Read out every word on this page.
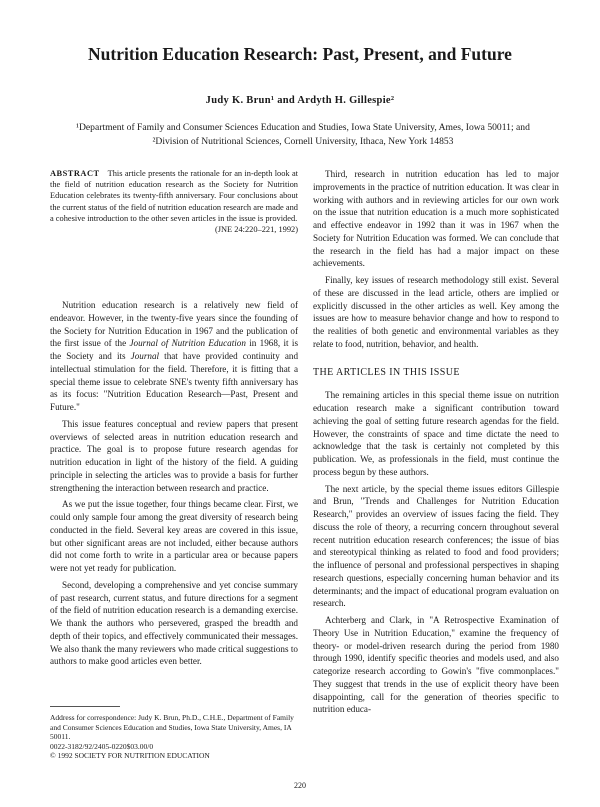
Nutrition Education Research: Past, Present, and Future
Judy K. Brun¹ and Ardyth H. Gillespie²
¹Department of Family and Consumer Sciences Education and Studies, Iowa State University, Ames, Iowa 50011; and
²Division of Nutritional Sciences, Cornell University, Ithaca, New York 14853

ABSTRACT This article presents the rationale for an in-depth look at the field of nutrition education research as the Society for Nutrition Education celebrates its twenty-fifth anniversary. Four conclusions about the current status of the field of nutrition education research are made and a cohesive introduction to the other seven articles in the issue is provided.
(JNE 24:220–221, 1992)

Nutrition education research is a relatively new field of endeavor. However, in the twenty-five years since the founding of the Society for Nutrition Education in 1967 and the publication of the first issue of the Journal of Nutrition Education in 1968, it is the Society and its Journal that have provided continuity and intellectual stimulation for the field. Therefore, it is fitting that a special theme issue to celebrate SNE's twenty fifth anniversary has as its focus: "Nutrition Education Research—Past, Present and Future."

This issue features conceptual and review papers that present overviews of selected areas in nutrition education research and practice. The goal is to propose future research agendas for nutrition education in light of the history of the field. A guiding principle in selecting the articles was to provide a basis for further strengthening the interaction between research and practice.

As we put the issue together, four things became clear. First, we could only sample four among the great diversity of research being conducted in the field. Several key areas are covered in this issue, but other significant areas are not included, either because authors did not come forth to write in a particular area or because papers were not yet ready for publication.

Second, developing a comprehensive and yet concise summary of past research, current status, and future directions for a segment of the field of nutrition education research is a demanding exercise. We thank the authors who persevered, grasped the breadth and depth of their topics, and effectively communicated their messages. We also thank the many reviewers who made critical suggestions to authors to make good articles even better.

Third, research in nutrition education has led to major improvements in the practice of nutrition education. It was clear in working with authors and in reviewing articles for our own work on the issue that nutrition education is a much more sophisticated and effective endeavor in 1992 than it was in 1967 when the Society for Nutrition Education was formed. We can conclude that the research in the field has had a major impact on these achievements.

Finally, key issues of research methodology still exist. Several of these are discussed in the lead article, others are implied or explicitly discussed in the other articles as well. Key among the issues are how to measure behavior change and how to respond to the realities of both genetic and environmental variables as they relate to food, nutrition, behavior, and health.

THE ARTICLES IN THIS ISSUE

The remaining articles in this special theme issue on nutrition education research make a significant contribution toward achieving the goal of setting future research agendas for the field. However, the constraints of space and time dictate the need to acknowledge that the task is certainly not completed by this publication. We, as professionals in the field, must continue the process begun by these authors.

The next article, by the special theme issues editors Gillespie and Brun, "Trends and Challenges for Nutrition Education Research," provides an overview of issues facing the field. They discuss the role of theory, a recurring concern throughout several recent nutrition education research conferences; the issue of bias and stereotypical thinking as related to food and food providers; the influence of personal and professional perspectives in shaping research questions, especially concerning human behavior and its determinants; and the impact of educational program evaluation on research.

Achterberg and Clark, in "A Retrospective Examination of Theory Use in Nutrition Education," examine the frequency of theory- or model-driven research during the period from 1980 through 1990, identify specific theories and models used, and also categorize research according to Gowin's "five commonplaces." They suggest that trends in the use of explicit theory have been disappointing, call for the generation of theories specific to nutrition educa-

Address for correspondence: Judy K. Brun, Ph.D., C.H.E., Department of Family and Consumer Sciences Education and Studies, Iowa State University, Ames, IA 50011.

0022-3182/92/2405-0220$03.00/0

© 1992 SOCIETY FOR NUTRITION EDUCATION

220
